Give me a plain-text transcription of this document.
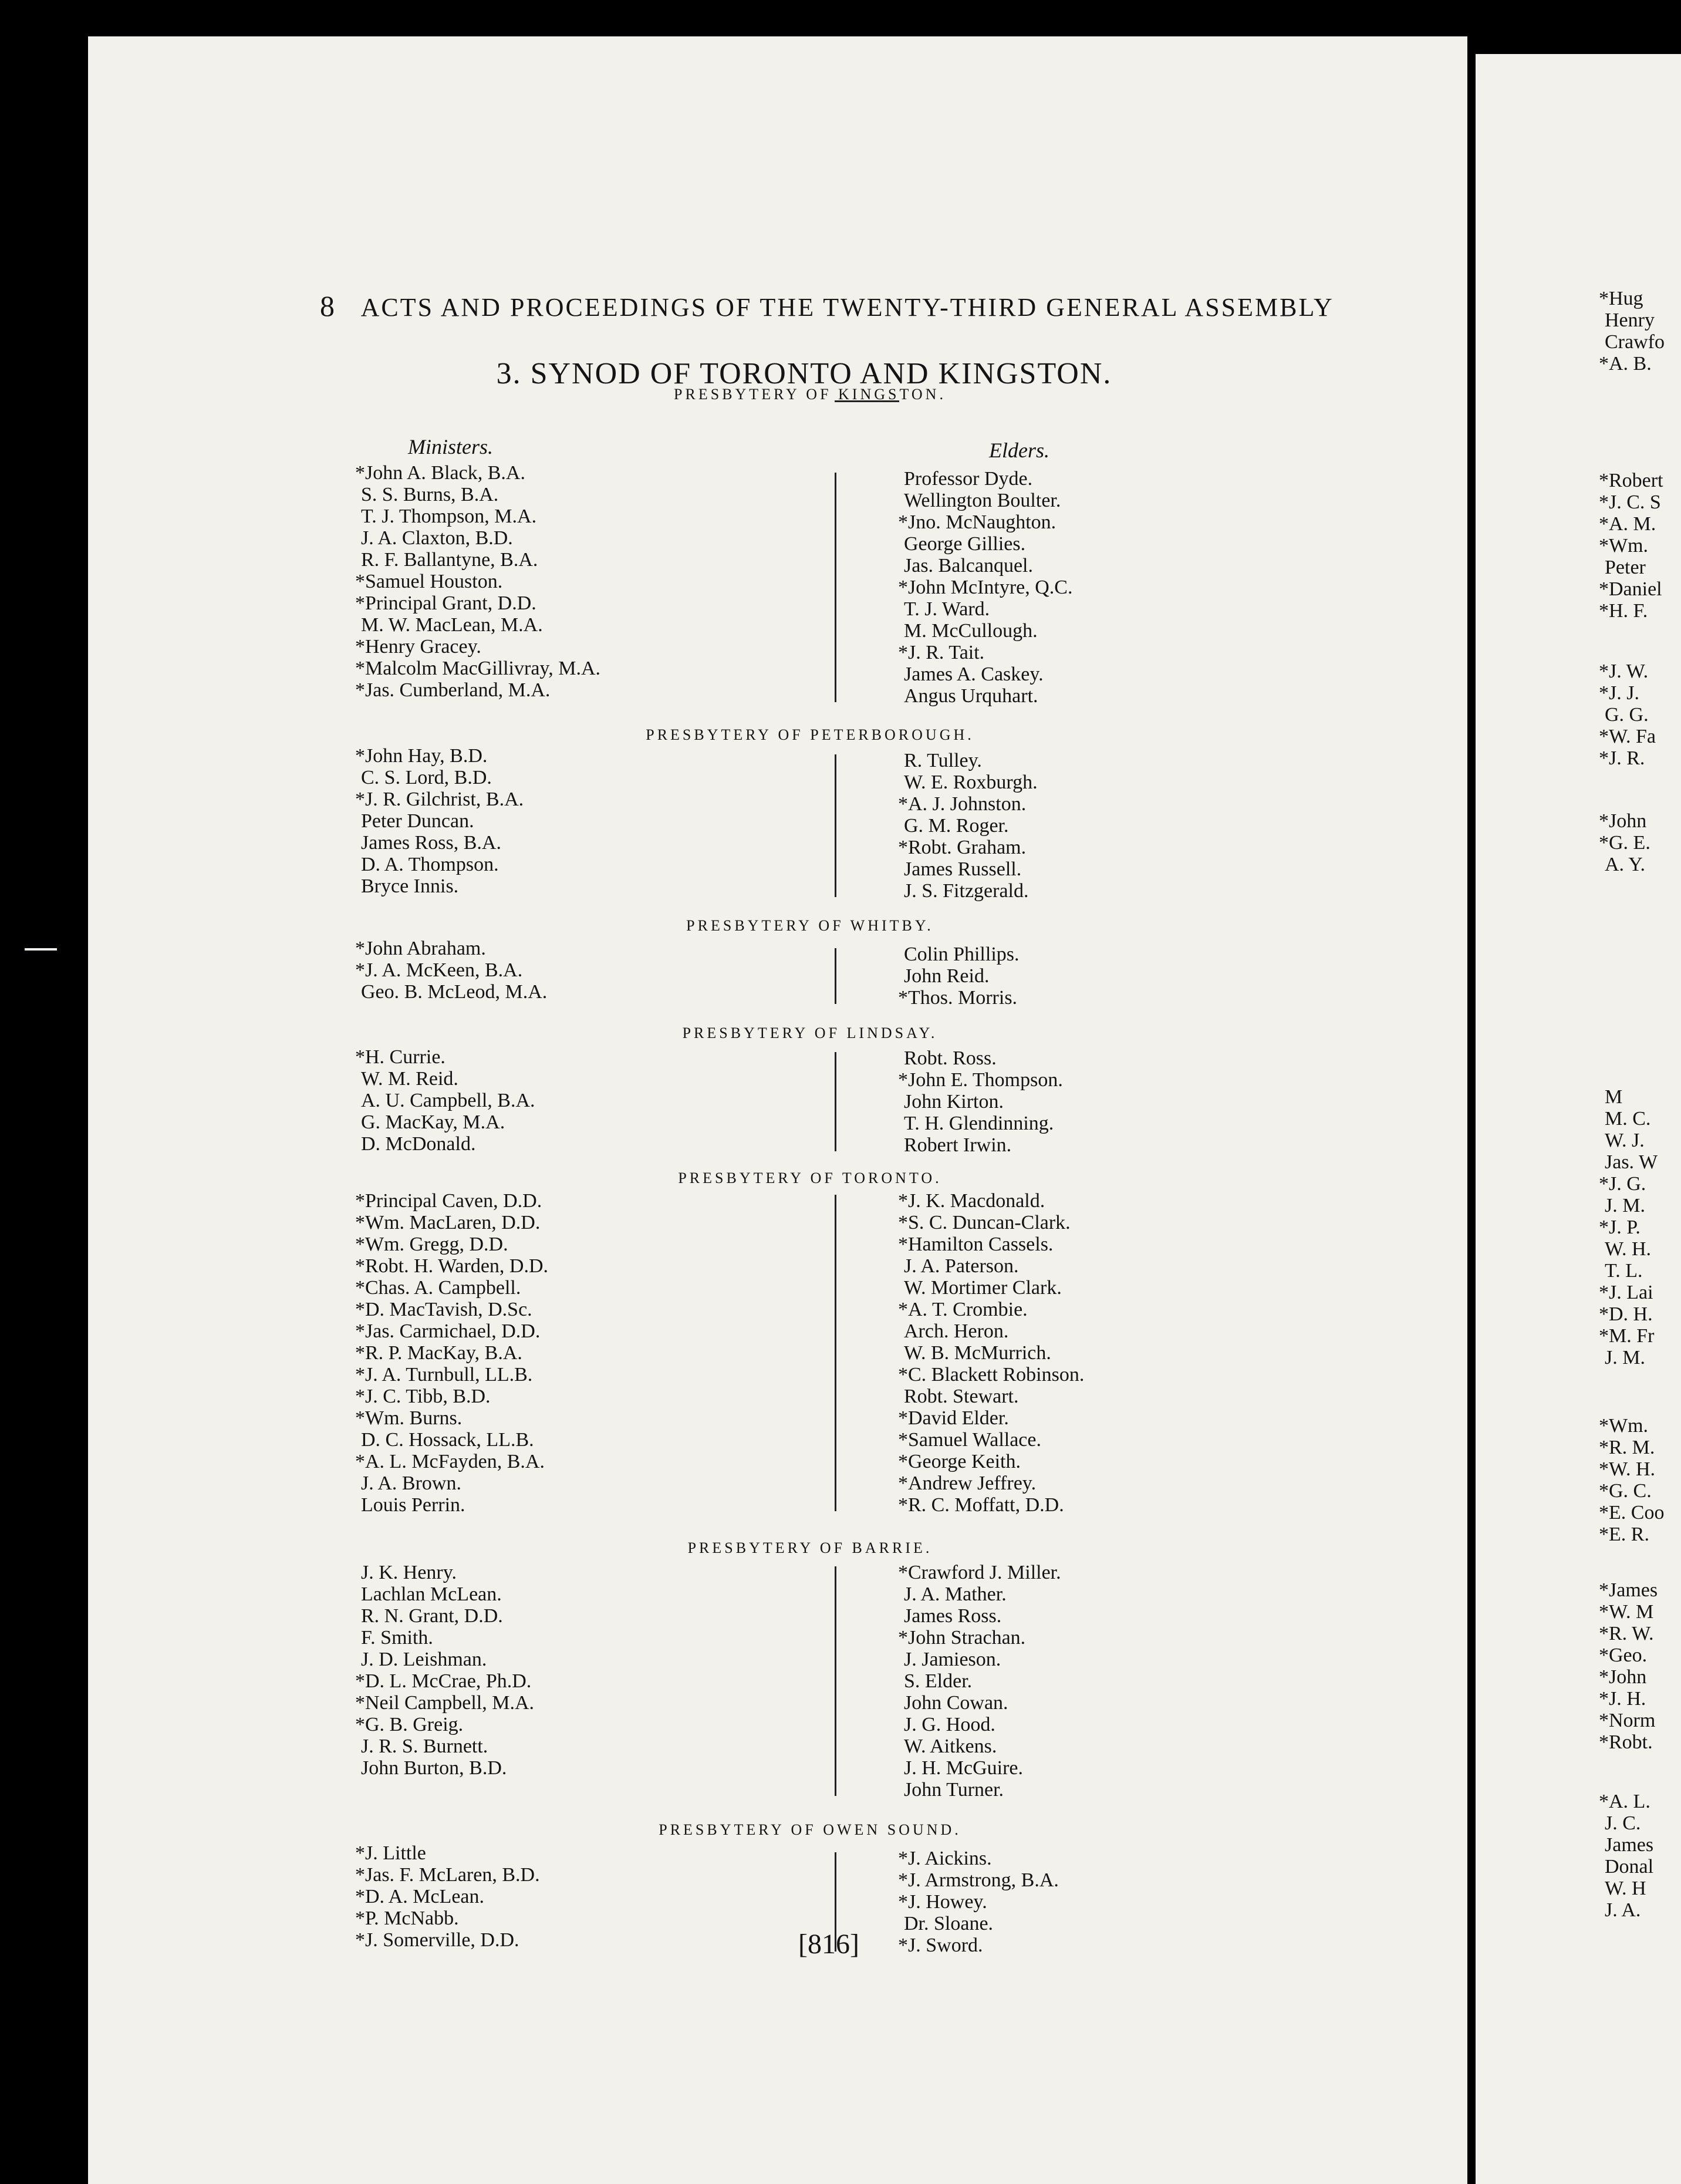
8 ACTS AND PROCEEDINGS OF THE TWENTY-THIRD GENERAL ASSEMBLY
3. SYNOD OF TORONTO AND KINGSTON.
Ministers.	Elders.
PRESBYTERY OF KINGSTON.
*John A. Black, B.A.
S. S. Burns, B.A.
T. J. Thompson, M.A.
J. A. Claxton, B.D.
R. F. Ballantyne, B.A.
*Samuel Houston.
*Principal Grant, D.D.
M. W. MacLean, M.A.
*Henry Gracey.
*Malcolm MacGillivray, M.A.
*Jas. Cumberland, M.A.
Professor Dyde.
Wellington Boulter.
*Jno. McNaughton.
George Gillies.
Jas. Balcanquel.
*John McIntyre, Q.C.
T. J. Ward.
M. McCullough.
*J. R. Tait.
James A. Caskey.
Angus Urquhart.
PRESBYTERY OF PETERBOROUGH.
*John Hay, B.D.
C. S. Lord, B.D.
*J. R. Gilchrist, B.A.
Peter Duncan.
James Ross, B.A.
D. A. Thompson.
Bryce Innis.
R. Tulley.
W. E. Roxburgh.
*A. J. Johnston.
G. M. Roger.
*Robt. Graham.
James Russell.
J. S. Fitzgerald.
PRESBYTERY OF WHITBY.
*John Abraham.
*J. A. McKeen, B.A.
Geo. B. McLeod, M.A.
Colin Phillips.
John Reid.
*Thos. Morris.
PRESBYTERY OF LINDSAY.
*H. Currie.
W. M. Reid.
A. U. Campbell, B.A.
G. MacKay, M.A.
D. McDonald.
Robt. Ross.
*John E. Thompson.
John Kirton.
T. H. Glendinning.
Robert Irwin.
PRESBYTERY OF TORONTO.
*Principal Caven, D.D.
*Wm. MacLaren, D.D.
*Wm. Gregg, D.D.
*Robt. H. Warden, D.D.
*Chas. A. Campbell.
*D. MacTavish, D.Sc.
*Jas. Carmichael, D.D.
*R. P. MacKay, B.A.
*J. A. Turnbull, LL.B.
*J. C. Tibb, B.D.
*Wm. Burns.
D. C. Hossack, LL.B.
*A. L. McFayden, B.A.
J. A. Brown.
Louis Perrin.
*J. K. Macdonald.
*S. C. Duncan-Clark.
*Hamilton Cassels.
J. A. Paterson.
W. Mortimer Clark.
*A. T. Crombie.
Arch. Heron.
W. B. McMurrich.
*C. Blackett Robinson.
Robt. Stewart.
*David Elder.
*Samuel Wallace.
*George Keith.
*Andrew Jeffrey.
*R. C. Moffatt, D.D.
PRESBYTERY OF BARRIE.
J. K. Henry.
Lachlan McLean.
R. N. Grant, D.D.
F. Smith.
J. D. Leishman.
*D. L. McCrae, Ph.D.
*Neil Campbell, M.A.
*G. B. Greig.
J. R. S. Burnett.
John Burton, B.D.
*Crawford J. Miller.
J. A. Mather.
James Ross.
*John Strachan.
J. Jamieson.
S. Elder.
John Cowan.
J. G. Hood.
W. Aitkens.
J. H. McGuire.
John Turner.
PRESBYTERY OF OWEN SOUND.
*J. Little
*Jas. F. McLaren, B.D.
*D. A. McLean.
*P. McNabb.
*J. Somerville, D.D.
*J. Aickins.
*J. Armstrong, B.A.
*J. Howey.
Dr. Sloane.
*J. Sword.
[816]
*Hug
Henry
Crawfo
*A. B.
*Robert
*J. C. S
*A. M.
*Wm.
Peter
*Daniel
*H. F.
*J. W.
*J. J.
G. G.
*W. Fa
*J. R.
*John
*G. E.
A. Y.
M
M. C.
W. J.
Jas. W
*J. G.
J. M.
*J. P.
W. H.
T. L.
*J. Lai
*D. H.
*M. Fr
J. M.
*Wm.
*R. M.
*W. H.
*G. C.
*E. Coo
*E. R.
*James
*W. M
*R. W.
*Geo.
*John
*J. H.
*Norm
*Robt.
*A. L.
J. C.
James
Donal
W. H
J. A.
